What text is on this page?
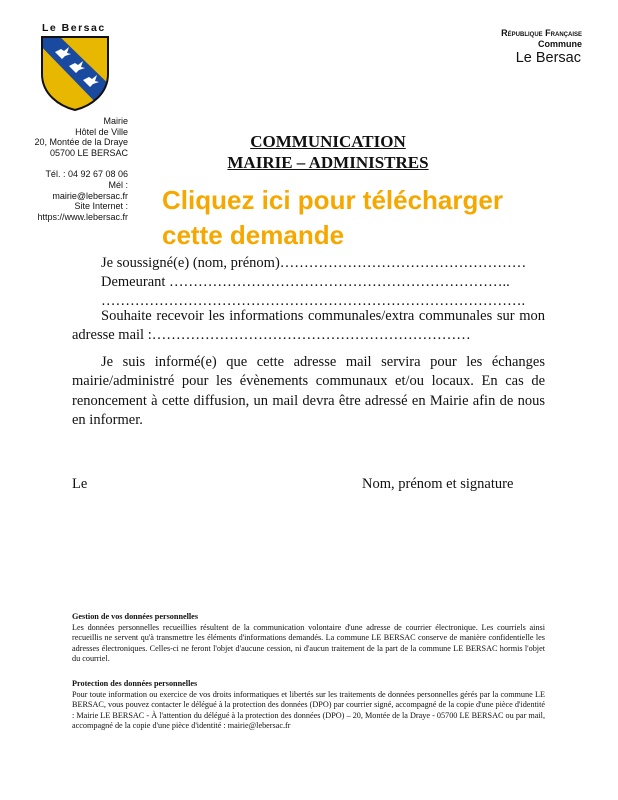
Le Bersac
Mairie
Hôtel de Ville
20, Montée de la Draye
05700 LE BERSAC
Tél. : 04 92 67 08 06
Mél :
mairie@lebersac.fr
Site Internet :
https://www.lebersac.fr
République Française
Commune
Le Bersac
COMMUNICATION
MAIRIE – ADMINISTRES
Cliquez ici pour télécharger
cette demande
Je soussigné(e) (nom, prénom)……………………………………………
Demeurant ……………………………………………………………..
…………………………………………………………………………….
Souhaite recevoir les informations communales/extra communales sur mon adresse mail :…………………………………………………………
Je suis informé(e) que cette adresse mail servira pour les échanges mairie/administré pour les évènements communaux et/ou locaux. En cas de renoncement à cette diffusion, un mail devra être adressé en Mairie afin de nous en informer.
Le	Nom, prénom et signature
Gestion de vos données personnelles
Les données personnelles recueillies résultent de la communication volontaire d'une adresse de courrier électronique. Les courriels ainsi recueillis ne servent qu'à transmettre les éléments d'informations demandés. La commune LE BERSAC conserve de manière confidentielle les adresses électroniques. Celles-ci ne feront l'objet d'aucune cession, ni d'aucun traitement de la part de la commune LE BERSAC hormis l'objet du courriel.
Protection des données personnelles
Pour toute information ou exercice de vos droits informatiques et libertés sur les traitements de données personnelles gérés par la commune LE BERSAC, vous pouvez contacter le délégué à la protection des données (DPO) par courrier signé, accompagné de la copie d'une pièce d'identité : Mairie LE BERSAC - À l'attention du délégué à la protection des données (DPO) – 20, Montée de la Draye - 05700 LE BERSAC ou par mail, accompagné de la copie d'une pièce d'identité : mairie@lebersac.fr
